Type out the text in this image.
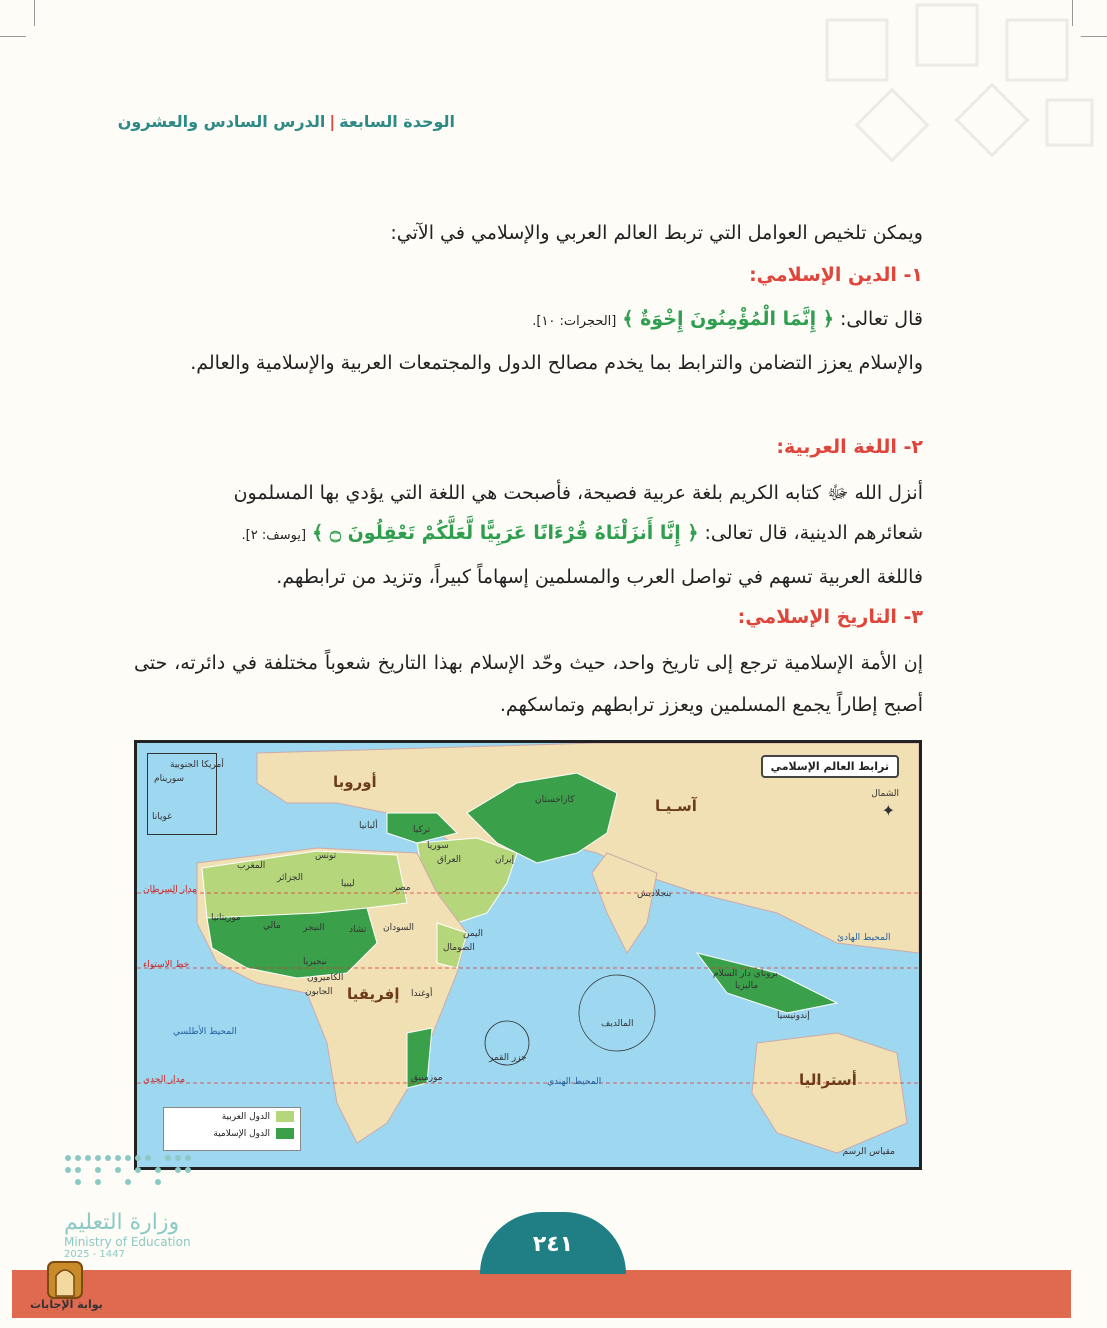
الوحدة السابعة|الدرس السادس والعشرون
ويمكن تلخيص العوامل التي تربط العالم العربي والإسلامي في الآتي:
١- الدين الإسلامي:
قال تعالى: ﴿ إِنَّمَا الْمُؤْمِنُونَ إِخْوَةٌ ﴾ [الحجرات: ١٠].
والإسلام يعزز التضامن والترابط بما يخدم مصالح الدول والمجتمعات العربية والإسلامية والعالم.
٢- اللغة العربية:
أنزل الله ﷻ كتابه الكريم بلغة عربية فصيحة، فأصبحت هي اللغة التي يؤدي بها المسلمون
شعائرهم الدينية، قال تعالى: ﴿ إِنَّا أَنزَلْنَاهُ قُرْءَانًا عَرَبِيًّا لَّعَلَّكُمْ تَعْقِلُونَ ۝ ﴾ [يوسف: ٢].
فاللغة العربية تسهم في تواصل العرب والمسلمين إسهاماً كبيراً، وتزيد من ترابطهم.
٣- التاريخ الإسلامي:
إن الأمة الإسلامية ترجع إلى تاريخ واحد، حيث وحّد الإسلام بهذا التاريخ شعوباً مختلفة في دائرته، حتى أصبح إطاراً يجمع المسلمين ويعزز ترابطهم وتماسكهم.
أمريكا الجنوبية
سورينام
غويانا
ترابط العالم الإسلامي
الشمال
✦
أوروبا
آسـيـا
إفريقيا
أستراليا
المحيط الأطلسي
المحيط الهندي
المحيط الهادئ
المغرب
الجزائر
تونس
ليبيا	مصر
موريتانيا
مالي النيجر	تشاد السودان
نيجيريا
الصومال
اليمن
العراق
سوريا
تركيا
إيران
كازاخستان
ألبانيا
بنجلاديش
ماليزيا
إندونيسيا
جزر القمر
موزمبيق
أوغندا
المالديف
بروناي دار السلام
الكاميرون
الجابون
مدار السرطان
خط الاستواء
مدار الجدي
مقياس الرسم
الدول العربية
الدول الإسلامية
وزارة التعليم
Ministry of Education
2025 - 1447	٢٤١
بوابة الإجابات
